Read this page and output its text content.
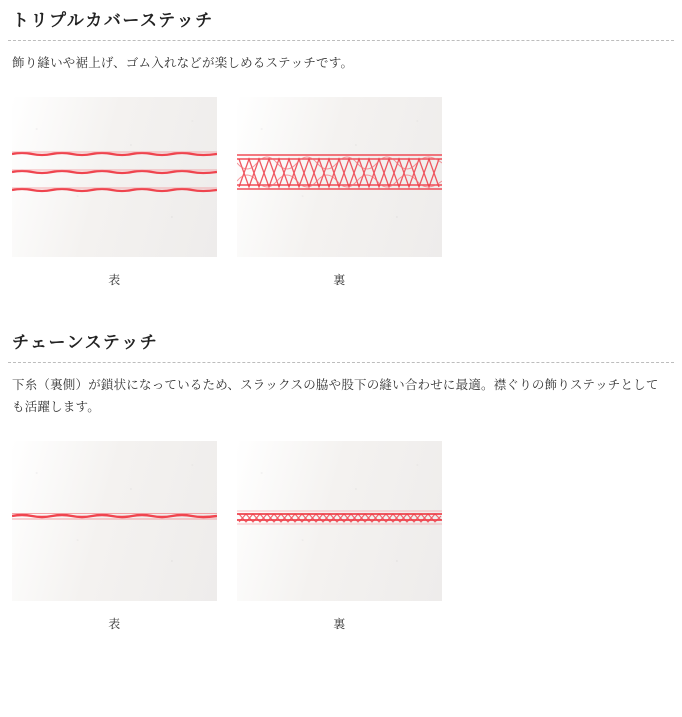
トリプルカバーステッチ

飾り縫いや裾上げ、ゴム入れなどが楽しめるステッチです。

表	裏
チェーンステッチ

下糸（裏側）が鎖状になっているため、スラックスの脇や股下の縫い合わせに最適。襟ぐりの飾りステッチとしても活躍します。

表	裏
